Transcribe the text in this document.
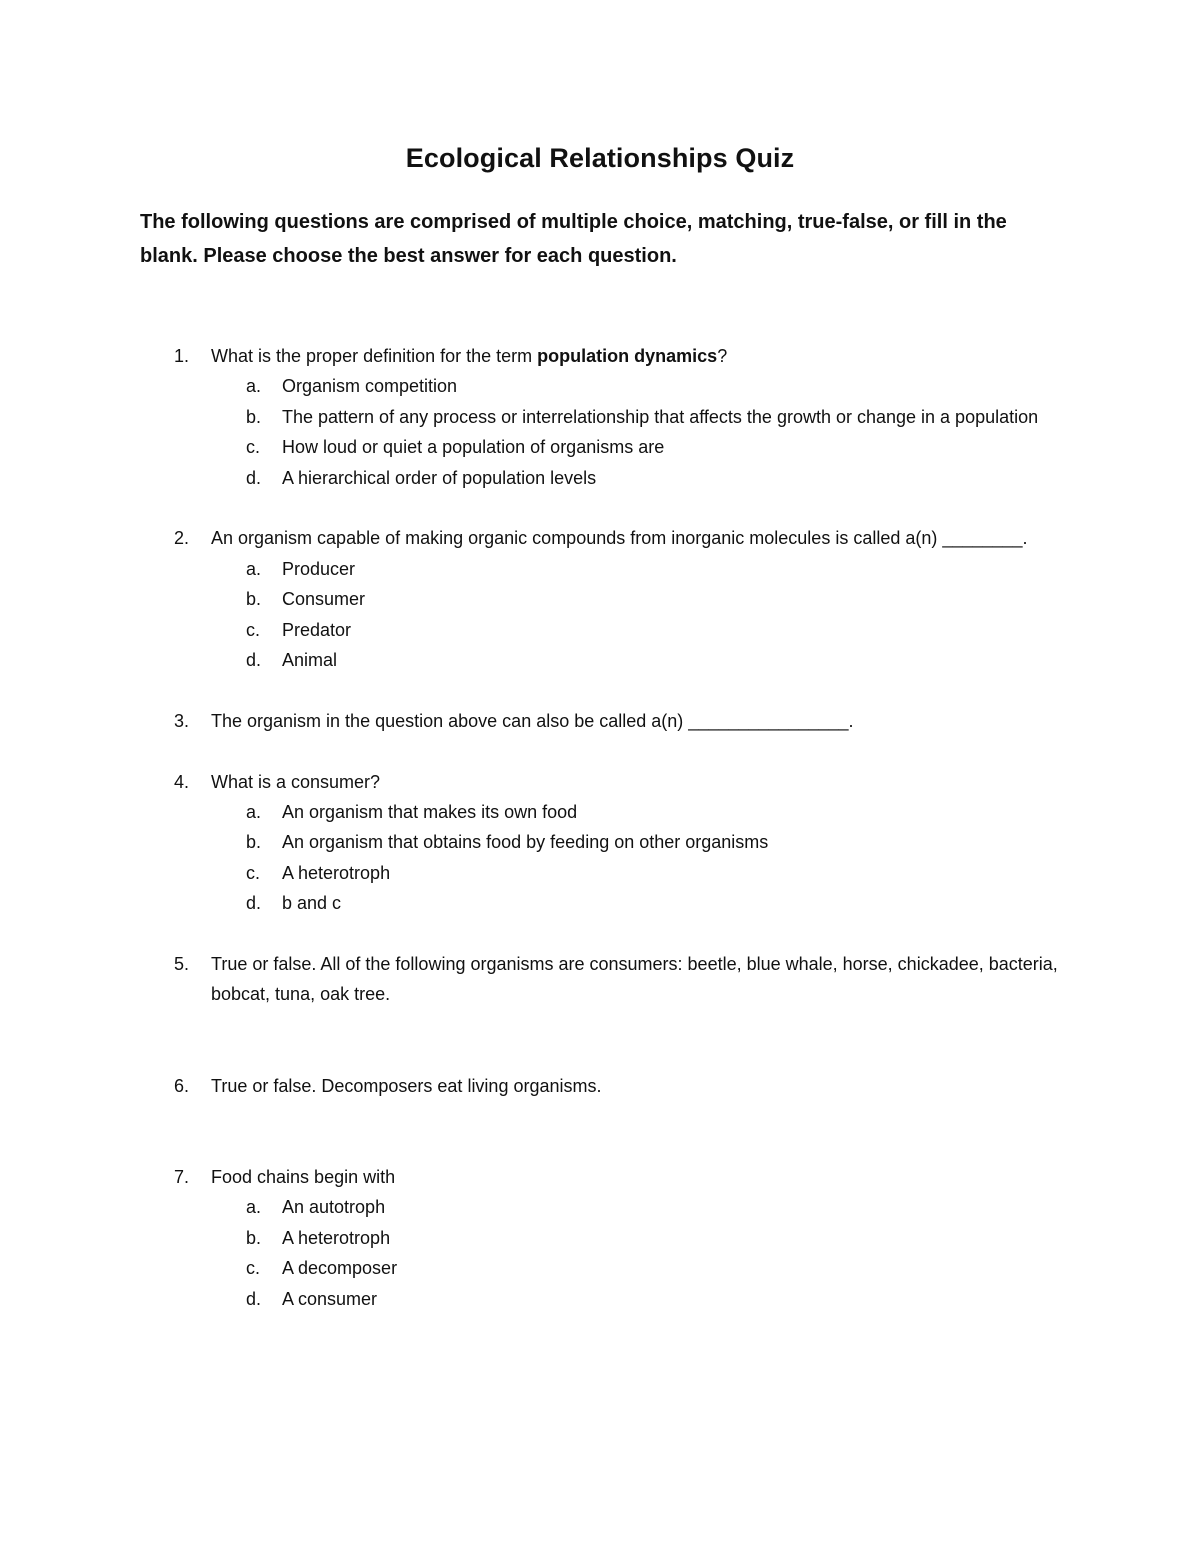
Ecological Relationships Quiz
The following questions are comprised of multiple choice, matching, true-false, or fill in the blank. Please choose the best answer for each question.
1. What is the proper definition for the term population dynamics?
a. Organism competition
b. The pattern of any process or interrelationship that affects the growth or change in a population
c. How loud or quiet a population of organisms are
d. A hierarchical order of population levels
2. An organism capable of making organic compounds from inorganic molecules is called a(n) ________.
a. Producer
b. Consumer
c. Predator
d. Animal
3. The organism in the question above can also be called a(n) ________________.
4. What is a consumer?
a. An organism that makes its own food
b. An organism that obtains food by feeding on other organisms
c. A heterotroph
d. b and c
5. True or false. All of the following organisms are consumers: beetle, blue whale, horse, chickadee, bacteria, bobcat, tuna, oak tree.
6. True or false. Decomposers eat living organisms.
7. Food chains begin with
a. An autotroph
b. A heterotroph
c. A decomposer
d. A consumer
